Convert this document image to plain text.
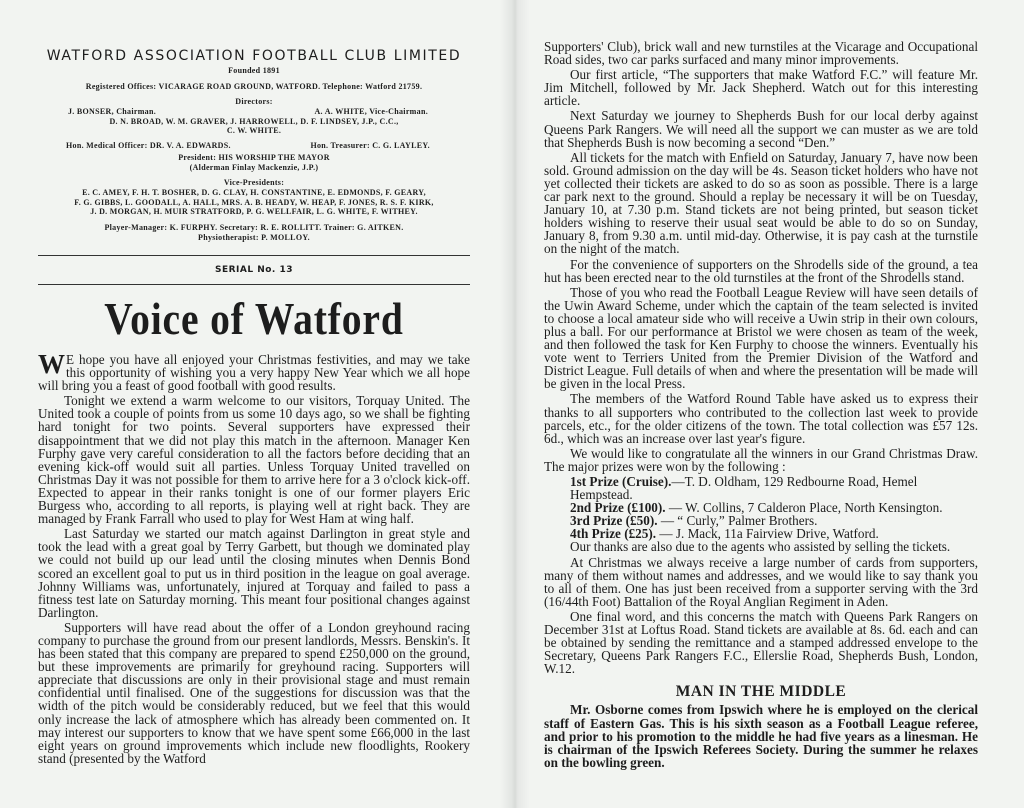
WATFORD ASSOCIATION FOOTBALL CLUB LIMITED
Founded 1891
Registered Offices: VICARAGE ROAD GROUND, WATFORD. Telephone: Watford 21759.
Directors:
J. BONSER, Chairman.	A. A. WHITE, Vice-Chairman.
D. N. BROAD, W. M. GRAVER, J. HARROWELL, D. F. LINDSEY, J.P., C.C.,
C. W. WHITE.
Hon. Medical Officer: DR. V. A. EDWARDS.	Hon. Treasurer: C. G. LAYLEY.
President: HIS WORSHIP THE MAYOR
(Alderman Finlay Mackenzie, J.P.)
Vice-Presidents:
E. C. AMEY, F. H. T. BOSHER, D. G. CLAY, H. CONSTANTINE, E. EDMONDS, F. GEARY,
F. G. GIBBS, L. GOODALL, A. HALL, MRS. A. B. HEADY, W. HEAP, F. JONES, R. S. F. KIRK,
J. D. MORGAN, H. MUIR STRATFORD, P. G. WELLFAIR, L. G. WHITE, F. WITHEY.
Player-Manager: K. FURPHY. Secretary: R. E. ROLLITT. Trainer: G. AITKEN.
Physiotherapist: P. MOLLOY.
SERIAL No. 13
Voice of Watford

W E hope you have all enjoyed your Christmas festivities, and may we take this opportunity of wishing you a very happy New Year which we all hope will bring you a feast of good football with good results.

Tonight we extend a warm welcome to our visitors, Torquay United. The United took a couple of points from us some 10 days ago, so we shall be fighting hard tonight for two points. Several supporters have expressed their disappointment that we did not play this match in the afternoon. Manager Ken Furphy gave very careful consideration to all the factors before deciding that an evening kick-off would suit all parties. Unless Torquay United travelled on Christmas Day it was not possible for them to arrive here for a 3 o'clock kick-off. Expected to appear in their ranks tonight is one of our former players Eric Burgess who, according to all reports, is playing well at right back. They are managed by Frank Farrall who used to play for West Ham at wing half.

Last Saturday we started our match against Darlington in great style and took the lead with a great goal by Terry Garbett, but though we dominated play we could not build up our lead until the closing minutes when Dennis Bond scored an excellent goal to put us in third position in the league on goal average. Johnny Williams was, unfortunately, injured at Torquay and failed to pass a fitness test late on Saturday morning. This meant four positional changes against Darlington.

Supporters will have read about the offer of a London greyhound racing company to purchase the ground from our present landlords, Messrs. Benskin's. It has been stated that this company are prepared to spend £250,000 on the ground, but these improvements are primarily for greyhound racing. Supporters will appreciate that discussions are only in their provisional stage and must remain confidential until finalised. One of the suggestions for discussion was that the width of the pitch would be considerably reduced, but we feel that this would only increase the lack of atmosphere which has already been commented on. It may interest our supporters to know that we have spent some £66,000 in the last eight years on ground improvements which include new floodlights, Rookery stand (presented by the Watford

Supporters' Club), brick wall and new turnstiles at the Vicarage and Occupational Road sides, two car parks surfaced and many minor improvements.

Our first article, “The supporters that make Watford F.C.” will feature Mr. Jim Mitchell, followed by Mr. Jack Shepherd. Watch out for this interesting article.

Next Saturday we journey to Shepherds Bush for our local derby against Queens Park Rangers. We will need all the support we can muster as we are told that Shepherds Bush is now becoming a second “Den.”

All tickets for the match with Enfield on Saturday, January 7, have now been sold. Ground admission on the day will be 4s. Season ticket holders who have not yet collected their tickets are asked to do so as soon as possible. There is a large car park next to the ground. Should a replay be necessary it will be on Tuesday, January 10, at 7.30 p.m. Stand tickets are not being printed, but season ticket holders wishing to reserve their usual seat would be able to do so on Sunday, January 8, from 9.30 a.m. until mid-day. Otherwise, it is pay cash at the turnstile on the night of the match.

For the convenience of supporters on the Shrodells side of the ground, a tea hut has been erected near to the old turnstiles at the front of the Shrodells stand.

Those of you who read the Football League Review will have seen details of the Uwin Award Scheme, under which the captain of the team selected is invited to choose a local amateur side who will receive a Uwin strip in their own colours, plus a ball. For our performance at Bristol we were chosen as team of the week, and then followed the task for Ken Furphy to choose the winners. Eventually his vote went to Terriers United from the Premier Division of the Watford and District League. Full details of when and where the presentation will be made will be given in the local Press.

The members of the Watford Round Table have asked us to express their thanks to all supporters who contributed to the collection last week to provide parcels, etc., for the older citizens of the town. The total collection was £57 12s. 6d., which was an increase over last year's figure.

We would like to congratulate all the winners in our Grand Christmas Draw. The major prizes were won by the following :

1st Prize (Cruise).—T. D. Oldham, 129 Redbourne Road, Hemel Hempstead.
2nd Prize (£100). — W. Collins, 7 Calderon Place, North Kensington.
3rd Prize (£50). — “ Curly,” Palmer Brothers.
4th Prize (£25). — J. Mack, 11a Fairview Drive, Watford.

Our thanks are also due to the agents who assisted by selling the tickets.

At Christmas we always receive a large number of cards from supporters, many of them without names and addresses, and we would like to say thank you to all of them. One has just been received from a supporter serving with the 3rd (16/44th Foot) Battalion of the Royal Anglian Regiment in Aden.

One final word, and this concerns the match with Queens Park Rangers on December 31st at Loftus Road. Stand tickets are available at 8s. 6d. each and can be obtained by sending the remittance and a stamped addressed envelope to the Secretary, Queens Park Rangers F.C., Ellerslie Road, Shepherds Bush, London, W.12.

MAN IN THE MIDDLE

Mr. Osborne comes from Ipswich where he is employed on the clerical staff of Eastern Gas. This is his sixth season as a Football League referee, and prior to his promotion to the middle he had five years as a linesman. He is chairman of the Ipswich Referees Society. During the summer he relaxes on the bowling green.
